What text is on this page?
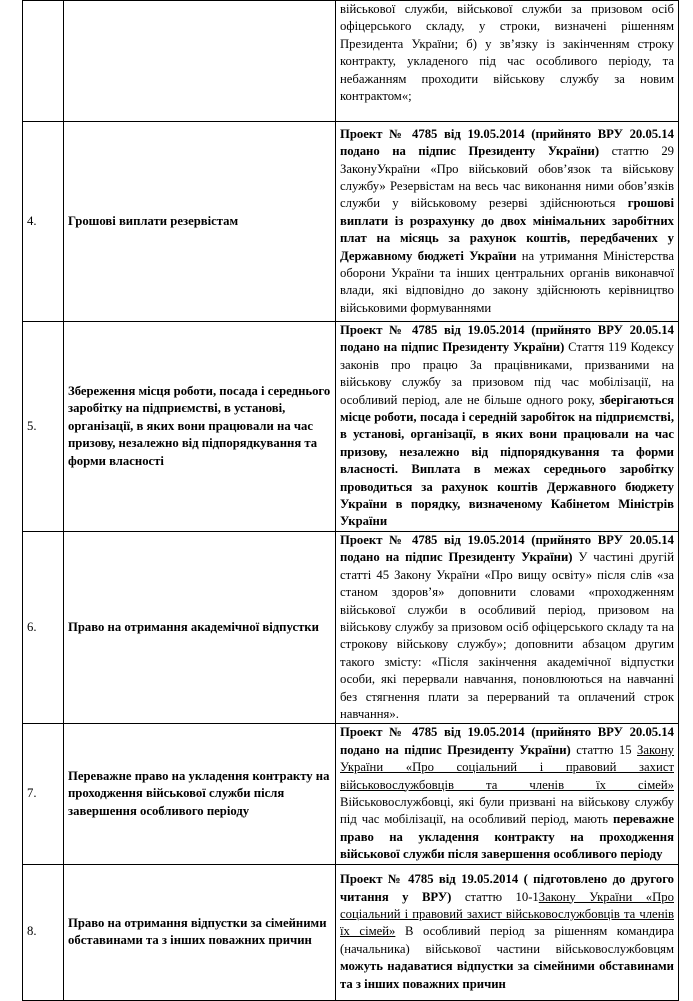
		військової служби, військової служби за призовом осіб офіцерського складу, у строки, визначені рішенням Президента України; б) у зв’язку із закінченням строку контракту, укладеного під час особливого періоду, та небажанням проходити військову службу за новим контрактом«;
4.	Грошові виплати резервістам	Проект № 4785 від 19.05.2014 (прийнято ВРУ 20.05.14 подано на підпис Президенту України) статтю 29 ЗаконуУкраїни «Про військовий обов’язок та військову службу» Резервістам на весь час виконання ними обов’язків служби у військовому резерві здійснюються грошові виплати із розрахунку до двох мінімальних заробітних плат на місяць за рахунок коштів, передбачених у Державному бюджеті України на утримання Міністерства оборони України та інших центральних органів виконавчої влади, які відповідно до закону здійснюють керівництво військовими формуваннями
5.	Збереження місця роботи, посада і середнього заробітку на підприємстві, в установі, організації, в яких вони працювали на час призову, незалежно від підпорядкування та форми власності	Проект № 4785 від 19.05.2014 (прийнято ВРУ 20.05.14 подано на підпис Президенту України) Стаття 119 Кодексу законів про працю За працівниками, призваними на військову службу за призовом під час мобілізації, на особливий період, але не більше одного року, зберігаються місце роботи, посада і середній заробіток на підприємстві, в установі, організації, в яких вони працювали на час призову, незалежно від підпорядкування та форми власності. Виплата в межах середнього заробітку проводиться за рахунок коштів Державного бюджету України в порядку, визначеному Кабінетом Міністрів України
6.	Право на отримання академічної відпустки	Проект № 4785 від 19.05.2014 (прийнято ВРУ 20.05.14 подано на підпис Президенту України) У частині другій статті 45 Закону України «Про вищу освіту» після слів «за станом здоров’я» доповнити словами «проходженням військової служби в особливий період, призовом на військову службу за призовом осіб офіцерського складу та на строкову військову службу»; доповнити абзацом другим такого змісту: «Після закінчення академічної відпустки особи, які перервали навчання, поновлюються на навчанні без стягнення плати за перерваний та оплачений строк навчання».
7.	Переважне право на укладення контракту на проходження військової служби після завершення особливого періоду	Проект № 4785 від 19.05.2014 (прийнято ВРУ 20.05.14 подано на підпис Президенту України) статтю 15 Закону України «Про соціальний і правовий захист військовослужбовців та членів їх сімей» Військовослужбовці, які були призвані на військову службу під час мобілізації, на особливий період, мають переважне право на укладення контракту на проходження військової служби після завершення особливого періоду
8.	Право на отримання відпустки за сімейними обставинами та з інших поважних причин	Проект № 4785 від 19.05.2014 ( підготовлено до другого читання у ВРУ) статтю 10-1Закону України «Про соціальний і правовий захист військовослужбовців та членів їх сімей» В особливий період за рішенням командира (начальника) військової частини військовослужбовцям можуть надаватися відпустки за сімейними обставинами та з інших поважних причин
